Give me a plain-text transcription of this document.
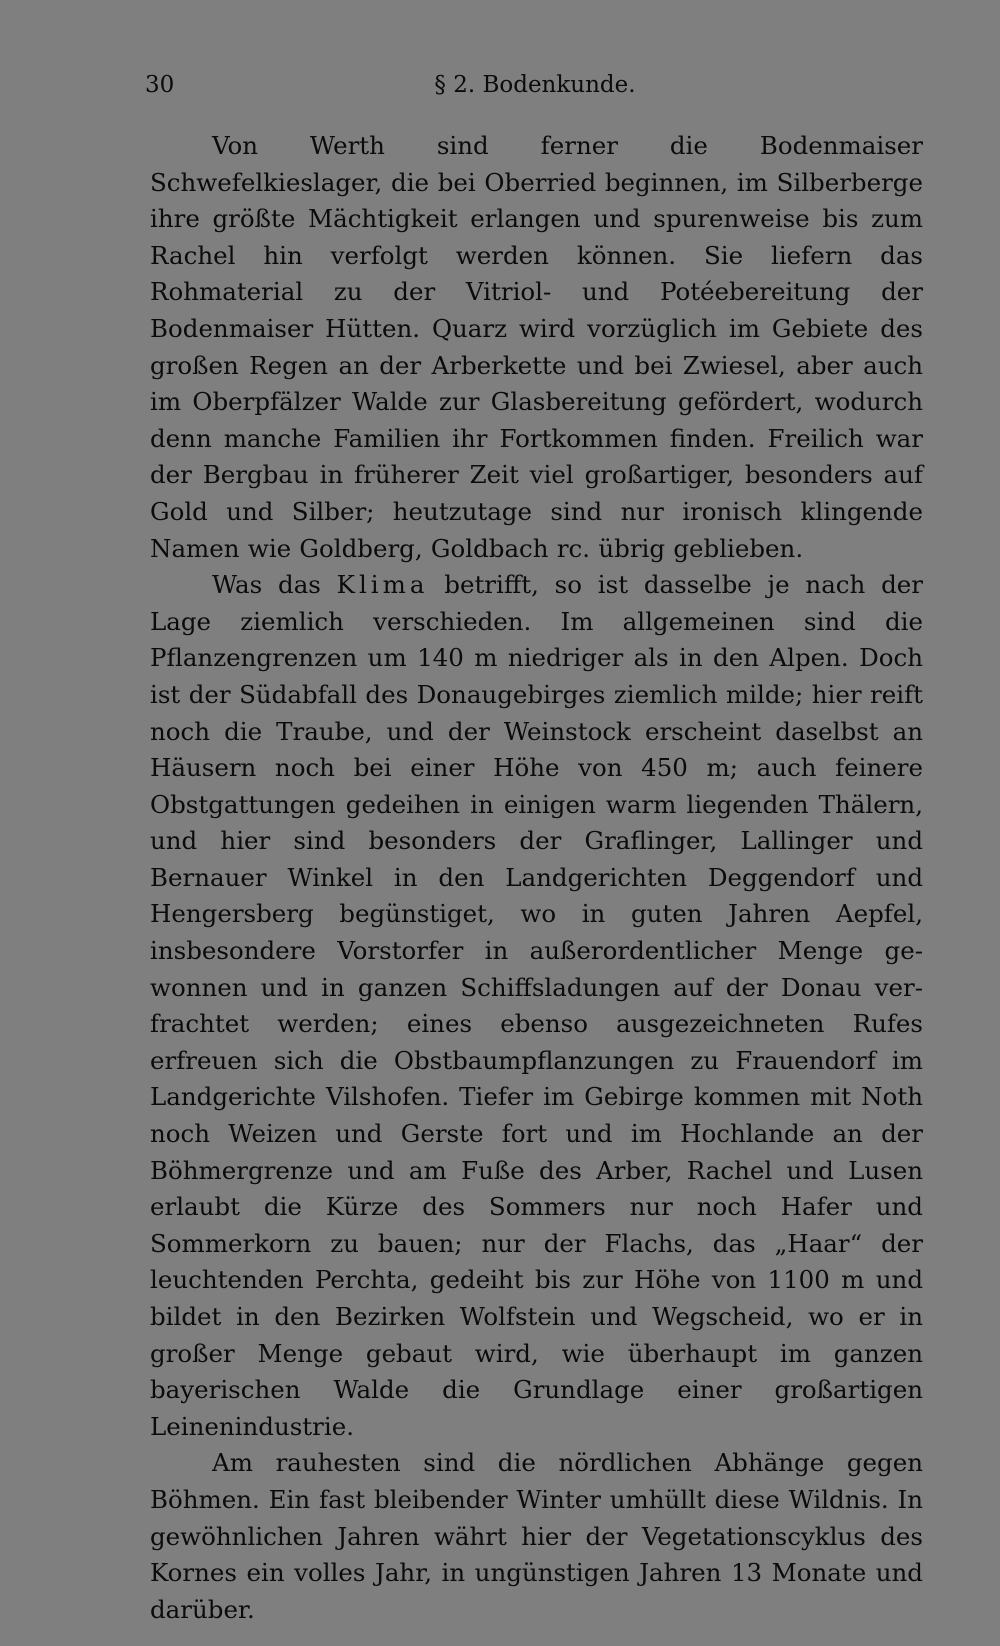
30	§ 2. Bodenkunde.

Von Werth sind ferner die Bodenmaiser Schwefelkieslager, die bei Oberried beginnen, im Silberberge ihre größte Mächtigkeit erlangen und spurenweise bis zum Rachel hin verfolgt werden können. Sie liefern das Rohmaterial zu der Vitriol- und Potéebereitung der Bodenmaiser Hütten. Quarz wird vorzüglich im Gebiete des großen Regen an der Arberkette und bei Zwiesel, aber auch im Oberpfälzer Walde zur Glasbereitung gefördert, wodurch denn manche Familien ihr Fortkommen finden. Freilich war der Bergbau in früherer Zeit viel großartiger, besonders auf Gold und Silber; heutzutage sind nur ironisch klingende Namen wie Goldberg, Goldbach rc. übrig geblieben.

Was das Klima betrifft, so ist dasselbe je nach der Lage ziemlich verschieden. Im allgemeinen sind die Pflanzengrenzen um 140 m niedriger als in den Alpen. Doch ist der Südabfall des Donaugebirges ziemlich milde; hier reift noch die Traube, und der Weinstock erscheint daselbst an Häusern noch bei einer Höhe von 450 m; auch feinere Obstgattungen gedeihen in einigen warm liegenden Thälern, und hier sind besonders der Graflinger, Lallinger und Bernauer Winkel in den Landgerichten Deggendorf und Hengersberg begünstiget, wo in guten Jahren Aepfel, insbesondere Vorstorfer in außerordentlicher Menge gewonnen und in ganzen Schiffsladungen auf der Donau verfrachtet werden; eines ebenso ausgezeichneten Rufes erfreuen sich die Obstbaumpflanzungen zu Frauendorf im Landgerichte Vilshofen. Tiefer im Gebirge kommen mit Noth noch Weizen und Gerste fort und im Hochlande an der Böhmergrenze und am Fuße des Arber, Rachel und Lusen erlaubt die Kürze des Sommers nur noch Hafer und Sommerkorn zu bauen; nur der Flachs, das „Haar“ der leuchtenden Perchta, gedeiht bis zur Höhe von 1100 m und bildet in den Bezirken Wolfstein und Wegscheid, wo er in großer Menge gebaut wird, wie überhaupt im ganzen bayerischen Walde die Grundlage einer großartigen Leinenindustrie.

Am rauhesten sind die nördlichen Abhänge gegen Böhmen. Ein fast bleibender Winter umhüllt diese Wildnis. In gewöhnlichen Jahren währt hier der Vegetationscyklus des Kornes ein volles Jahr, in ungünstigen Jahren 13 Monate und darüber.
